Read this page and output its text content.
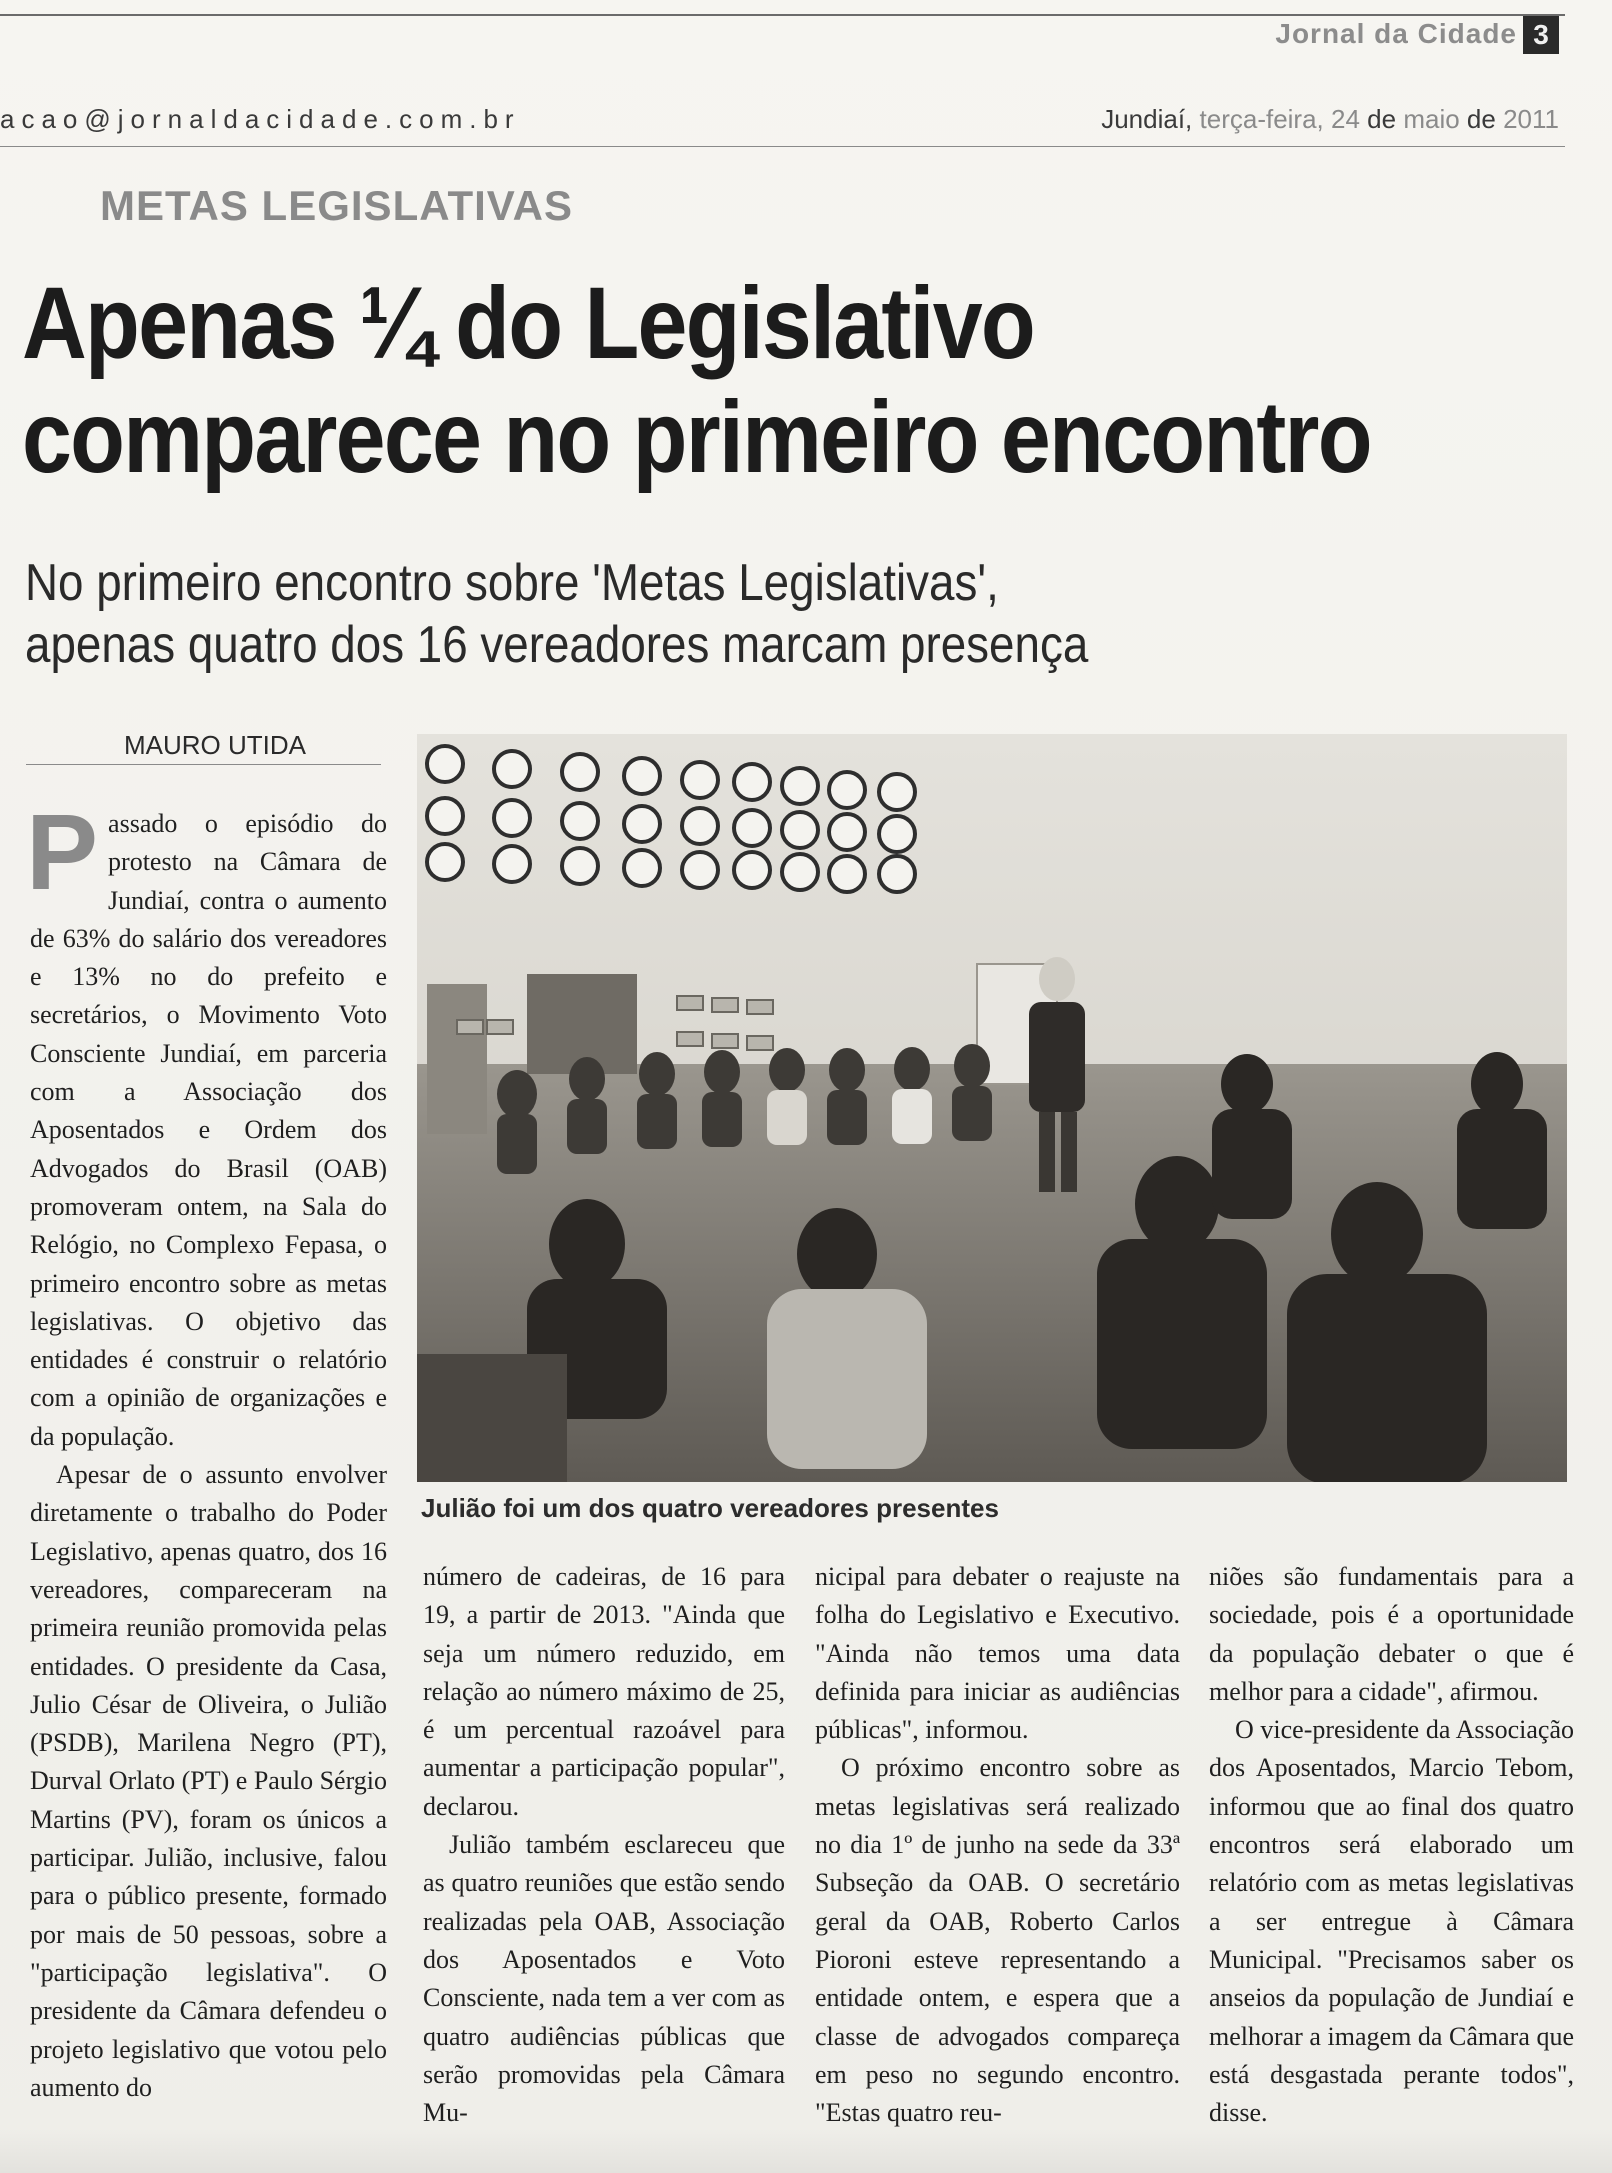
Jornal da Cidade 3
acao@jornaldacidade.com.br	Jundiaí, terça-feira, 24 de maio de 2011
METAS LEGISLATIVAS
Apenas ¼ do Legislativo
comparece no primeiro encontro
No primeiro encontro sobre 'Metas Legislativas',
apenas quatro dos 16 vereadores marcam presença
MAURO UTIDA

Passado o episódio do protesto na Câmara de Jundiaí, contra o aumento de 63% do salário dos vereadores e 13% no do prefeito e secretários, o Movimento Voto Consciente Jundiaí, em parceria com a Associação dos Aposentados e Ordem dos Advogados do Brasil (OAB) promoveram ontem, na Sala do Relógio, no Complexo Fepasa, o primeiro encontro sobre as metas legislativas. O objetivo das entidades é construir o relatório com a opinião de organizações e da população.

Apesar de o assunto envolver diretamente o trabalho do Poder Legislativo, apenas quatro, dos 16 vereadores, compareceram na primeira reunião promovida pelas entidades. O presidente da Casa, Julio César de Oliveira, o Julião (PSDB), Marilena Negro (PT), Durval Orlato (PT) e Paulo Sérgio Martins (PV), foram os únicos a participar. Julião, inclusive, falou para o público presente, formado por mais de 50 pessoas, sobre a "participação legislativa". O presidente da Câmara defendeu o projeto legislativo que votou pelo aumento do

Julião foi um dos quatro vereadores presentes

número de cadeiras, de 16 para 19, a partir de 2013. "Ainda que seja um número reduzido, em relação ao número máximo de 25, é um percentual razoável para aumentar a participação popular", declarou.

Julião também esclareceu que as quatro reuniões que estão sendo realizadas pela OAB, Associação dos Aposentados e Voto Consciente, nada tem a ver com as quatro audiências públicas que serão promovidas pela Câmara Mu-

nicipal para debater o reajuste na folha do Legislativo e Executivo. "Ainda não temos uma data definida para iniciar as audiências públicas", informou.

O próximo encontro sobre as metas legislativas será realizado no dia 1º de junho na sede da 33ª Subseção da OAB. O secretário geral da OAB, Roberto Carlos Pioroni esteve representando a entidade ontem, e espera que a classe de advogados compareça em peso no segundo encontro. "Estas quatro reu-

niões são fundamentais para a sociedade, pois é a oportunidade da população debater o que é melhor para a cidade", afirmou.

O vice-presidente da Associação dos Aposentados, Marcio Tebom, informou que ao final dos quatro encontros será elaborado um relatório com as metas legislativas a ser entregue à Câmara Municipal. "Precisamos saber os anseios da população de Jundiaí e melhorar a imagem da Câmara que está desgastada perante todos", disse.
